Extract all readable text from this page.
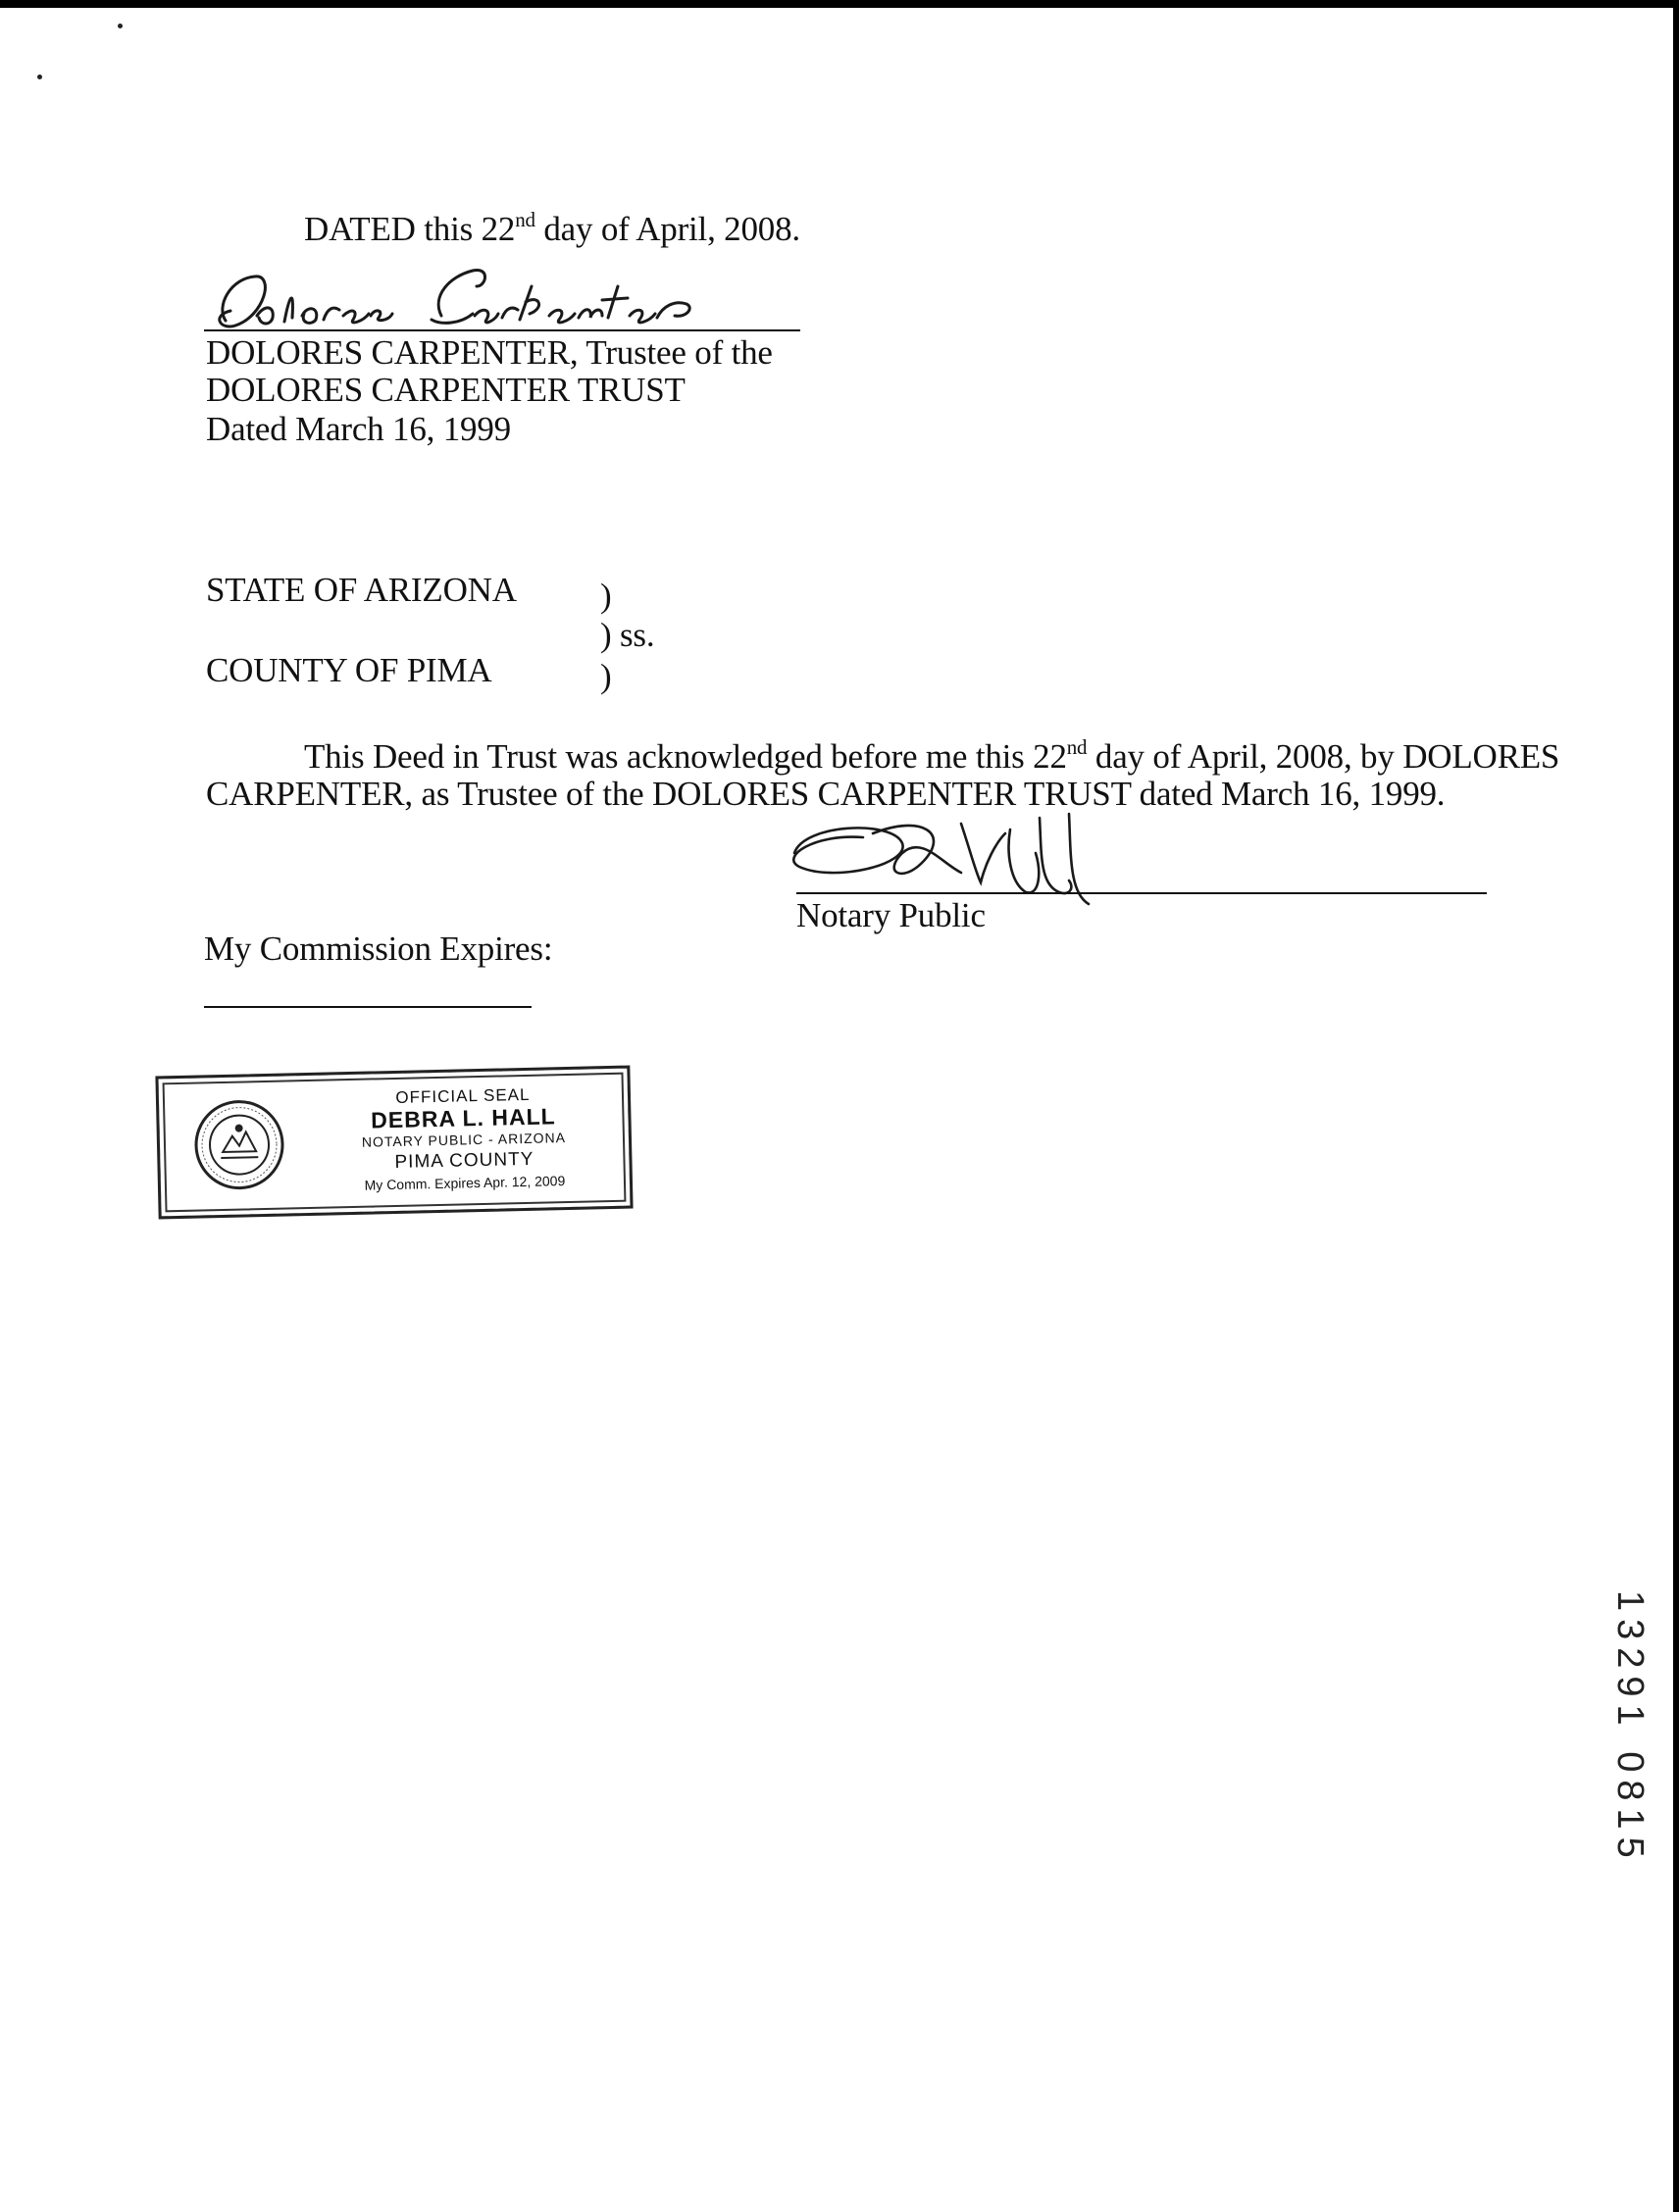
DATED this 22nd day of April, 2008.
DOLORES CARPENTER, Trustee of the
DOLORES CARPENTER TRUST
Dated March 16, 1999
STATE OF ARIZONA )
) ss.
COUNTY OF PIMA	)
This Deed in Trust was acknowledged before me this 22nd day of April, 2008, by DOLORES
CARPENTER, as Trustee of the DOLORES CARPENTER TRUST dated March 16, 1999.
Notary Public
My Commission Expires:
OFFICIAL SEAL
DEBRA L. HALL
NOTARY PUBLIC - ARIZONA
PIMA COUNTY
My Comm. Expires Apr. 12, 2009
13291 0815
